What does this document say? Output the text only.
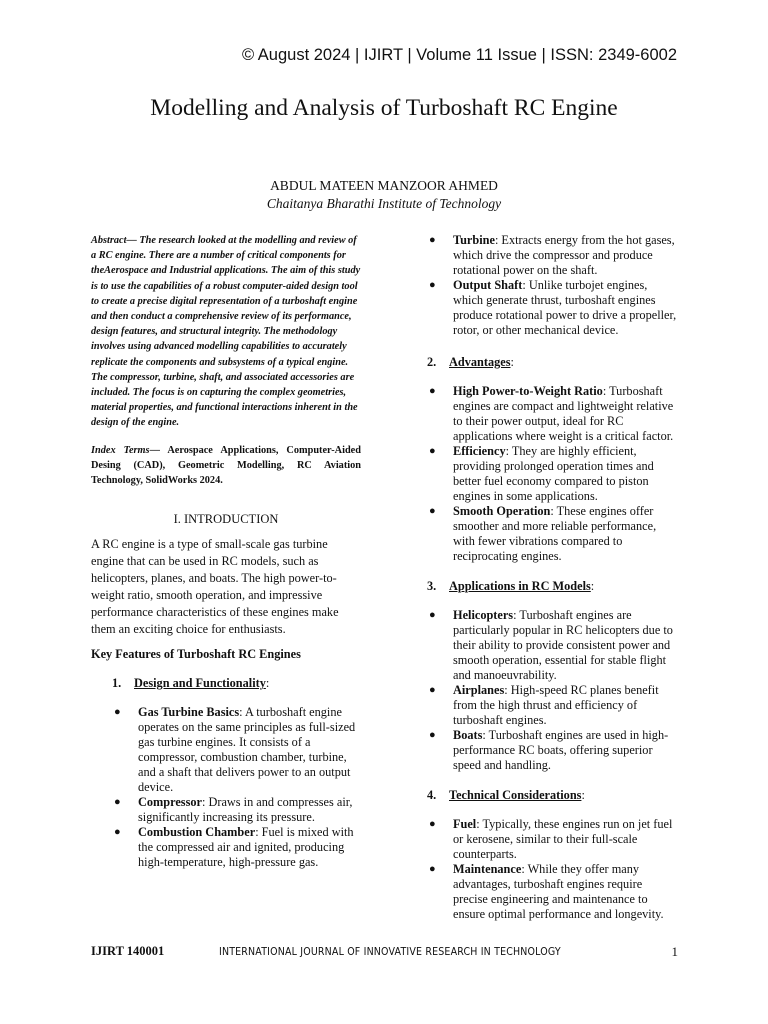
© August 2024 | IJIRT | Volume 11 Issue | ISSN: 2349-6002
Modelling and Analysis of Turboshaft RC Engine
ABDUL MATEEN MANZOOR AHMED
Chaitanya Bharathi Institute of Technology

Abstract— The research looked at the modelling and review of a RC engine. There are a number of critical components for theAerospace and Industrial applications. The aim of this study is to use the capabilities of a robust computer-aided design tool to create a precise digital representation of a turboshaft engine and then conduct a comprehensive review of its performance, design features, and structural integrity. The methodology involves using advanced modelling capabilities to accurately replicate the components and subsystems of a typical engine. The compressor, turbine, shaft, and associated accessories are included. The focus is on capturing the complex geometries, material properties, and functional interactions inherent in the design of the engine.

Index Terms— Aerospace Applications, Computer-Aided Desing (CAD), Geometric Modelling, RC Aviation Technology, SolidWorks 2024.

I. INTRODUCTION

A RC engine is a type of small-scale gas turbine engine that can be used in RC models, such as helicopters, planes, and boats. The high power-to-weight ratio, smooth operation, and impressive performance characteristics of these engines make them an exciting choice for enthusiasts.

Key Features of Turboshaft RC Engines

1.	Design and Functionality:
● Gas Turbine Basics: A turboshaft engine operates on the same principles as full-sized gas turbine engines. It consists of a compressor, combustion chamber, turbine, and a shaft that delivers power to an output device.
● Compressor: Draws in and compresses air, significantly increasing its pressure.
● Combustion Chamber: Fuel is mixed with the compressed air and ignited, producing high-temperature, high-pressure gas.
● Turbine: Extracts energy from the hot gases, which drive the compressor and produce rotational power on the shaft.
● Output Shaft: Unlike turbojet engines, which generate thrust, turboshaft engines produce rotational power to drive a propeller, rotor, or other mechanical device.
2.	Advantages:
● High Power-to-Weight Ratio: Turboshaft engines are compact and lightweight relative to their power output, ideal for RC applications where weight is a critical factor.
● Efficiency: They are highly efficient, providing prolonged operation times and better fuel economy compared to piston engines in some applications.
● Smooth Operation: These engines offer smoother and more reliable performance, with fewer vibrations compared to reciprocating engines.
3.	Applications in RC Models:
● Helicopters: Turboshaft engines are particularly popular in RC helicopters due to their ability to provide consistent power and smooth operation, essential for stable flight and manoeuvrability.
● Airplanes: High-speed RC planes benefit from the high thrust and efficiency of turboshaft engines.
● Boats: Turboshaft engines are used in high-performance RC boats, offering superior speed and handling.
4.	Technical Considerations:
● Fuel: Typically, these engines run on jet fuel or kerosene, similar to their full-scale counterparts.
● Maintenance: While they offer many advantages, turboshaft engines require precise engineering and maintenance to ensure optimal performance and longevity.
IJIRT 140001	INTERNATIONAL JOURNAL OF INNOVATIVE RESEARCH IN TECHNOLOGY	1
